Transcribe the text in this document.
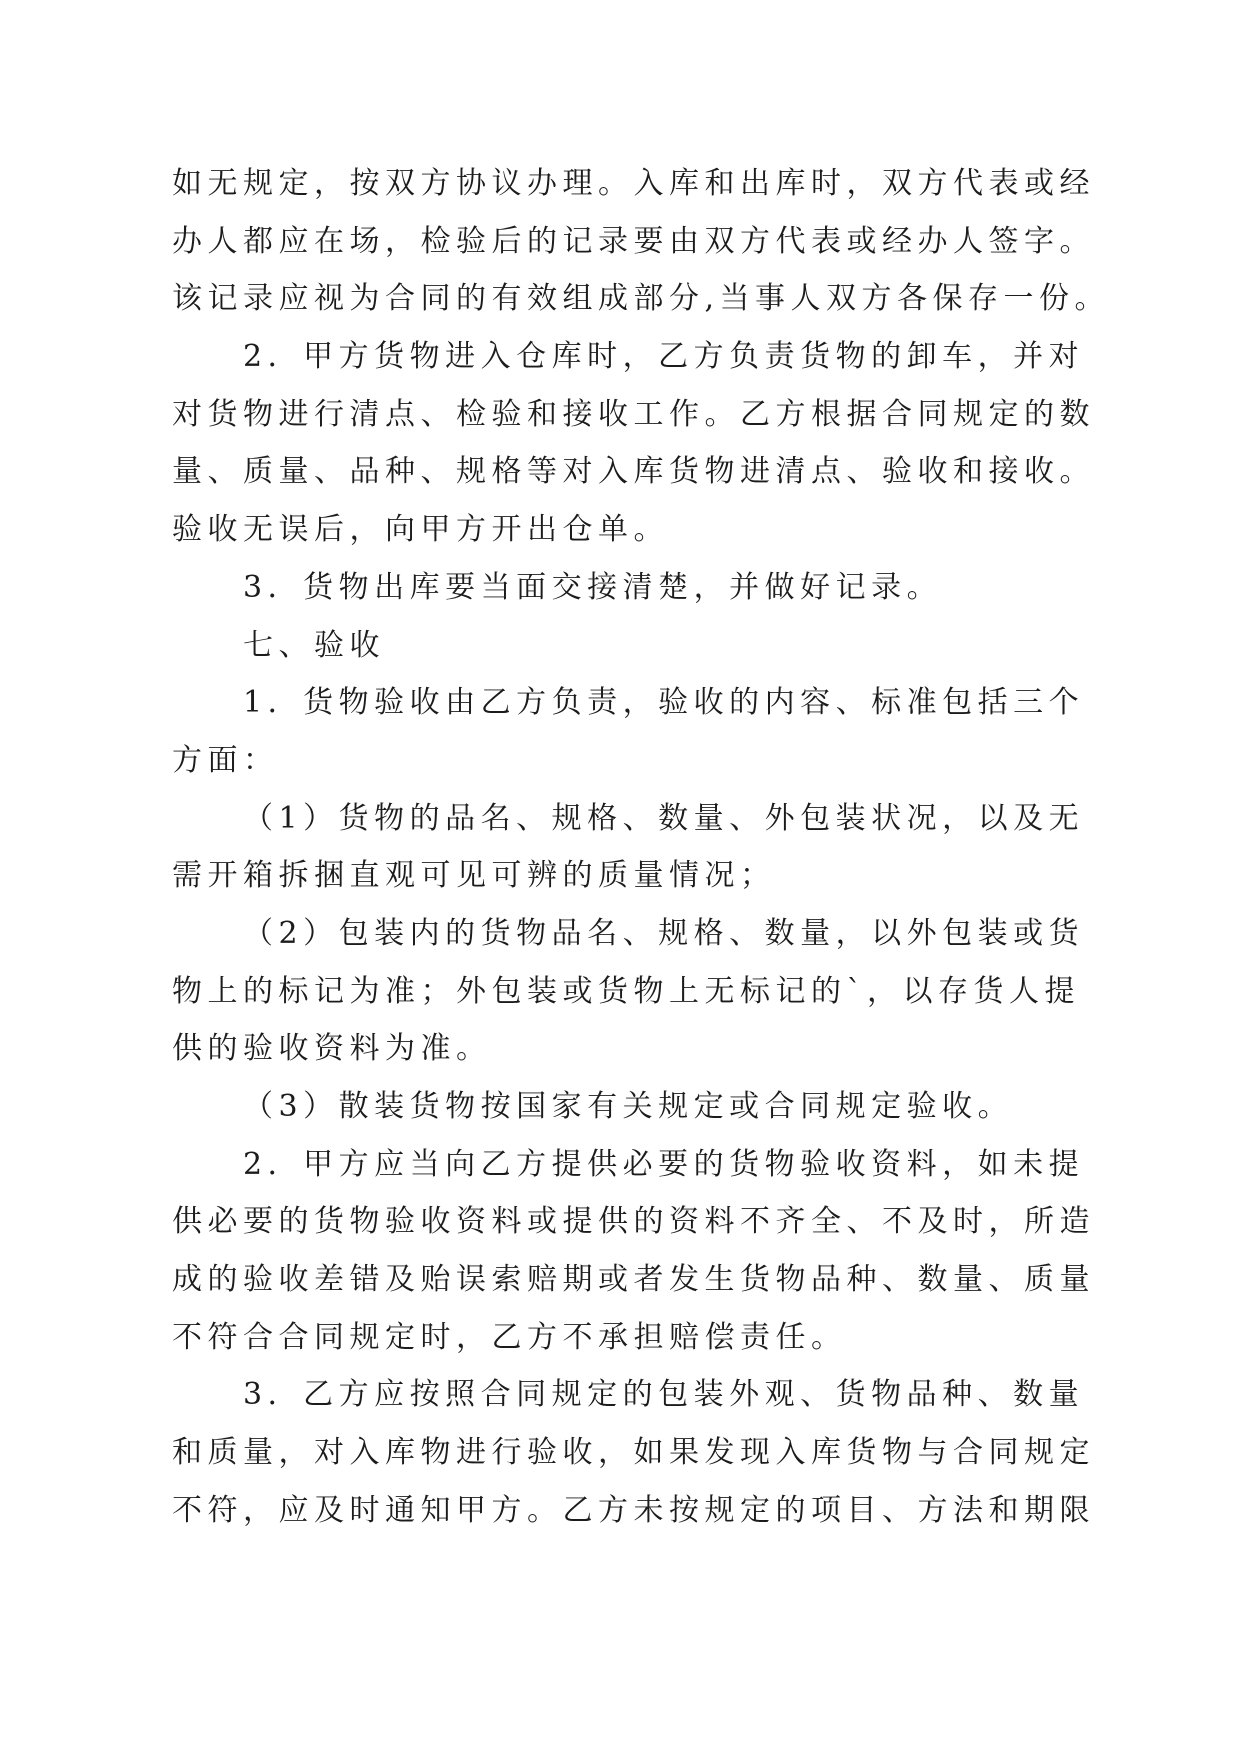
如无规定，按双方协议办理。入库和出库时，双方代表或经
办人都应在场，检验后的记录要由双方代表或经办人签字。
该记录应视为合同的有效组成部分,当事人双方各保存一份。
2．甲方货物进入仓库时，乙方负责货物的卸车，并对
对货物进行清点、检验和接收工作。乙方根据合同规定的数
量、质量、品种、规格等对入库货物进清点、验收和接收。
验收无误后，向甲方开出仓单。
3．货物出库要当面交接清楚，并做好记录。
七、验收
1．货物验收由乙方负责，验收的内容、标准包括三个
方面：
（1）货物的品名、规格、数量、外包装状况，以及无
需开箱拆捆直观可见可辨的质量情况；
（2）包装内的货物品名、规格、数量，以外包装或货
物上的标记为准；外包装或货物上无标记的`，以存货人提
供的验收资料为准。
（3）散装货物按国家有关规定或合同规定验收。
2．甲方应当向乙方提供必要的货物验收资料，如未提
供必要的货物验收资料或提供的资料不齐全、不及时，所造
成的验收差错及贻误索赔期或者发生货物品种、数量、质量
不符合合同规定时，乙方不承担赔偿责任。
3．乙方应按照合同规定的包装外观、货物品种、数量
和质量，对入库物进行验收，如果发现入库货物与合同规定
不符，应及时通知甲方。乙方未按规定的项目、方法和期限
